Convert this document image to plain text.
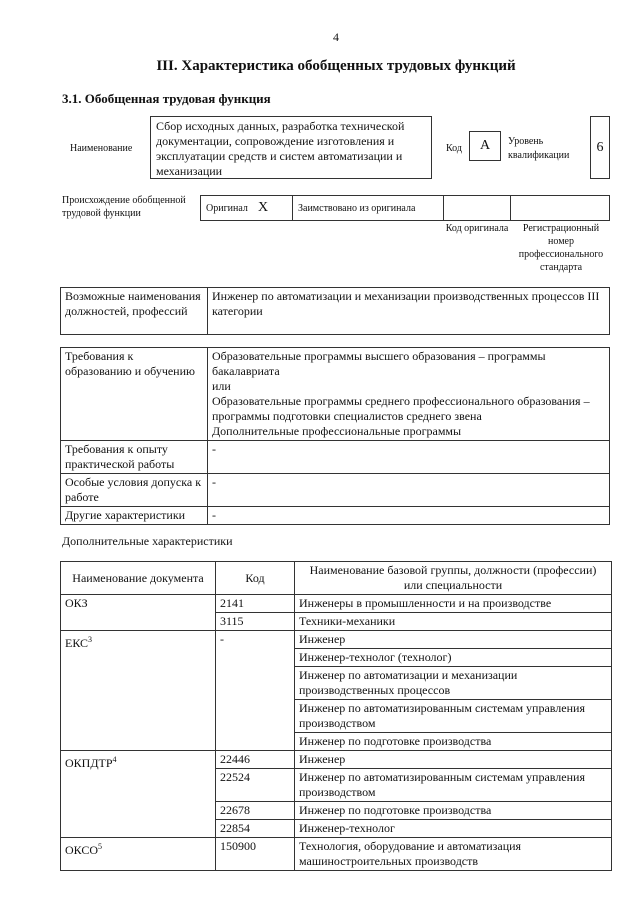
4
III. Характеристика обобщенных трудовых функций
3.1. Обобщенная трудовая функция
Наименование
Сбор исходных данных, разработка технической документации, сопровождение изготовления и эксплуатации средств и систем автоматизации и механизации
Код	A	Уровень квалификации
6
Происхождение обобщенной трудовой функции	Оригинал X	Заимствовано из оригинала
Код оригинала	Регистрационный номер профессионального стандарта
Возможные наименования должностей, профессий	Инженер по автоматизации и механизации производственных процессов III категории
Требования к образованию и обучению	Образовательные программы высшего образования – программы бакалавриата
или
Образовательные программы среднего профессионального образования – программы подготовки специалистов среднего звена
Дополнительные профессиональные программы

Требования к опыту практической работы	-
Особые условия допуска к работе	-
Другие характеристики	-
Дополнительные характеристики
Наименование документа	Код	Наименование базовой группы, должности (профессии) или специальности
ОКЗ	2141	Инженеры в промышленности и на производстве
	3115	Техники-механики
ЕКС$^3$	-	Инженер
		Инженер-технолог (технолог)
		Инженер по автоматизации и механизации производственных процессов
		Инженер по автоматизированным системам управления производством
		Инженер по подготовке производства
ОКПДТР$^4$	22446	Инженер
	22524	Инженер по автоматизированным системам управления производством
	22678	Инженер по подготовке производства
	22854	Инженер-технолог
ОКСО$^5$	150900	Технология, оборудование и автоматизация машиностроительных производств
